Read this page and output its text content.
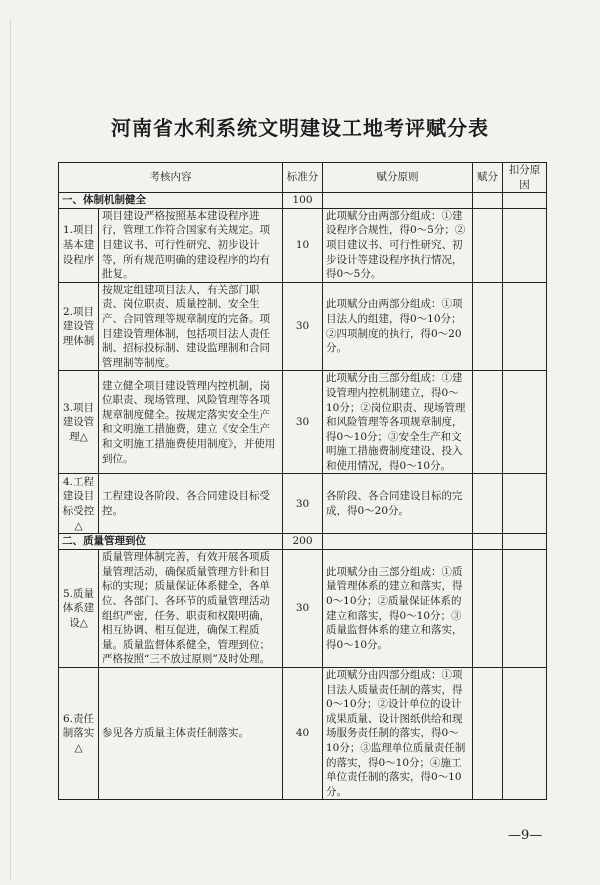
河南省水利系统文明建设工地考评赋分表
考核内容		标准分	赋分原则	赋分	扣分原因
一、体制机制健全		100			
1.项目基本建设程序	项目建设严格按照基本建设程序进行，管理工作符合国家有关规定。项目建议书、可行性研究、初步设计等，所有规范明确的建设程序的均有批复。	10	此项赋分由两部分组成：①建设程序合规性，得0～5分；②项目建议书、可行性研究、初步设计等建设程序执行情况，得0～5分。		
2.项目建设管理体制	按规定组建项目法人，有关部门职责、岗位职责、质量控制、安全生产、合同管理等规章制度的完备。项目建设管理体制，包括项目法人责任制、招标投标制、建设监理制和合同管理制等制度。	30	此项赋分由两部分组成：①项目法人的组建，得0～10分；②四项制度的执行，得0～20分。		
3.项目建设管理△	建立健全项目建设管理内控机制，岗位职责、现场管理、风险管理等各项规章制度健全。按规定落实安全生产和文明施工措施费，建立《安全生产和文明施工措施费使用制度》，并使用到位。	30	此项赋分由三部分组成：①建设管理内控机制建立，得0～10分；②岗位职责、现场管理和风险管理等各项规章制度，得0～10分；③安全生产和文明施工措施费制度建设、投入和使用情况，得0～10分。		
4.工程建设目标受控△	工程建设各阶段、各合同建设目标受控。	30	各阶段、各合同建设目标的完成，得0～20分。		
二、质量管理到位		200			
5.质量体系建设△	质量管理体制完善，有效开展各项质量管理活动，确保质量管理方针和目标的实现；质量保证体系健全，各单位、各部门、各环节的质量管理活动组织严密，任务、职责和权限明确，相互协调、相互促进，确保工程质量。质量监督体系健全，管理到位；严格按照“三不放过原则”及时处理。	30	此项赋分由三部分组成：①质量管理体系的建立和落实，得0～10分；②质量保证体系的建立和落实，得0～10分；③质量监督体系的建立和落实，得0～10分。		
6.责任制落实△	参见各方质量主体责任制落实。	40	此项赋分由四部分组成：①项目法人质量责任制的落实，得0～10分；②设计单位的设计成果质量、设计图纸供给和现场服务责任制的落实，得0～10分；③监理单位质量责任制的落实，得0～10分；④施工单位责任制的落实，得0～10分。		
—9—
